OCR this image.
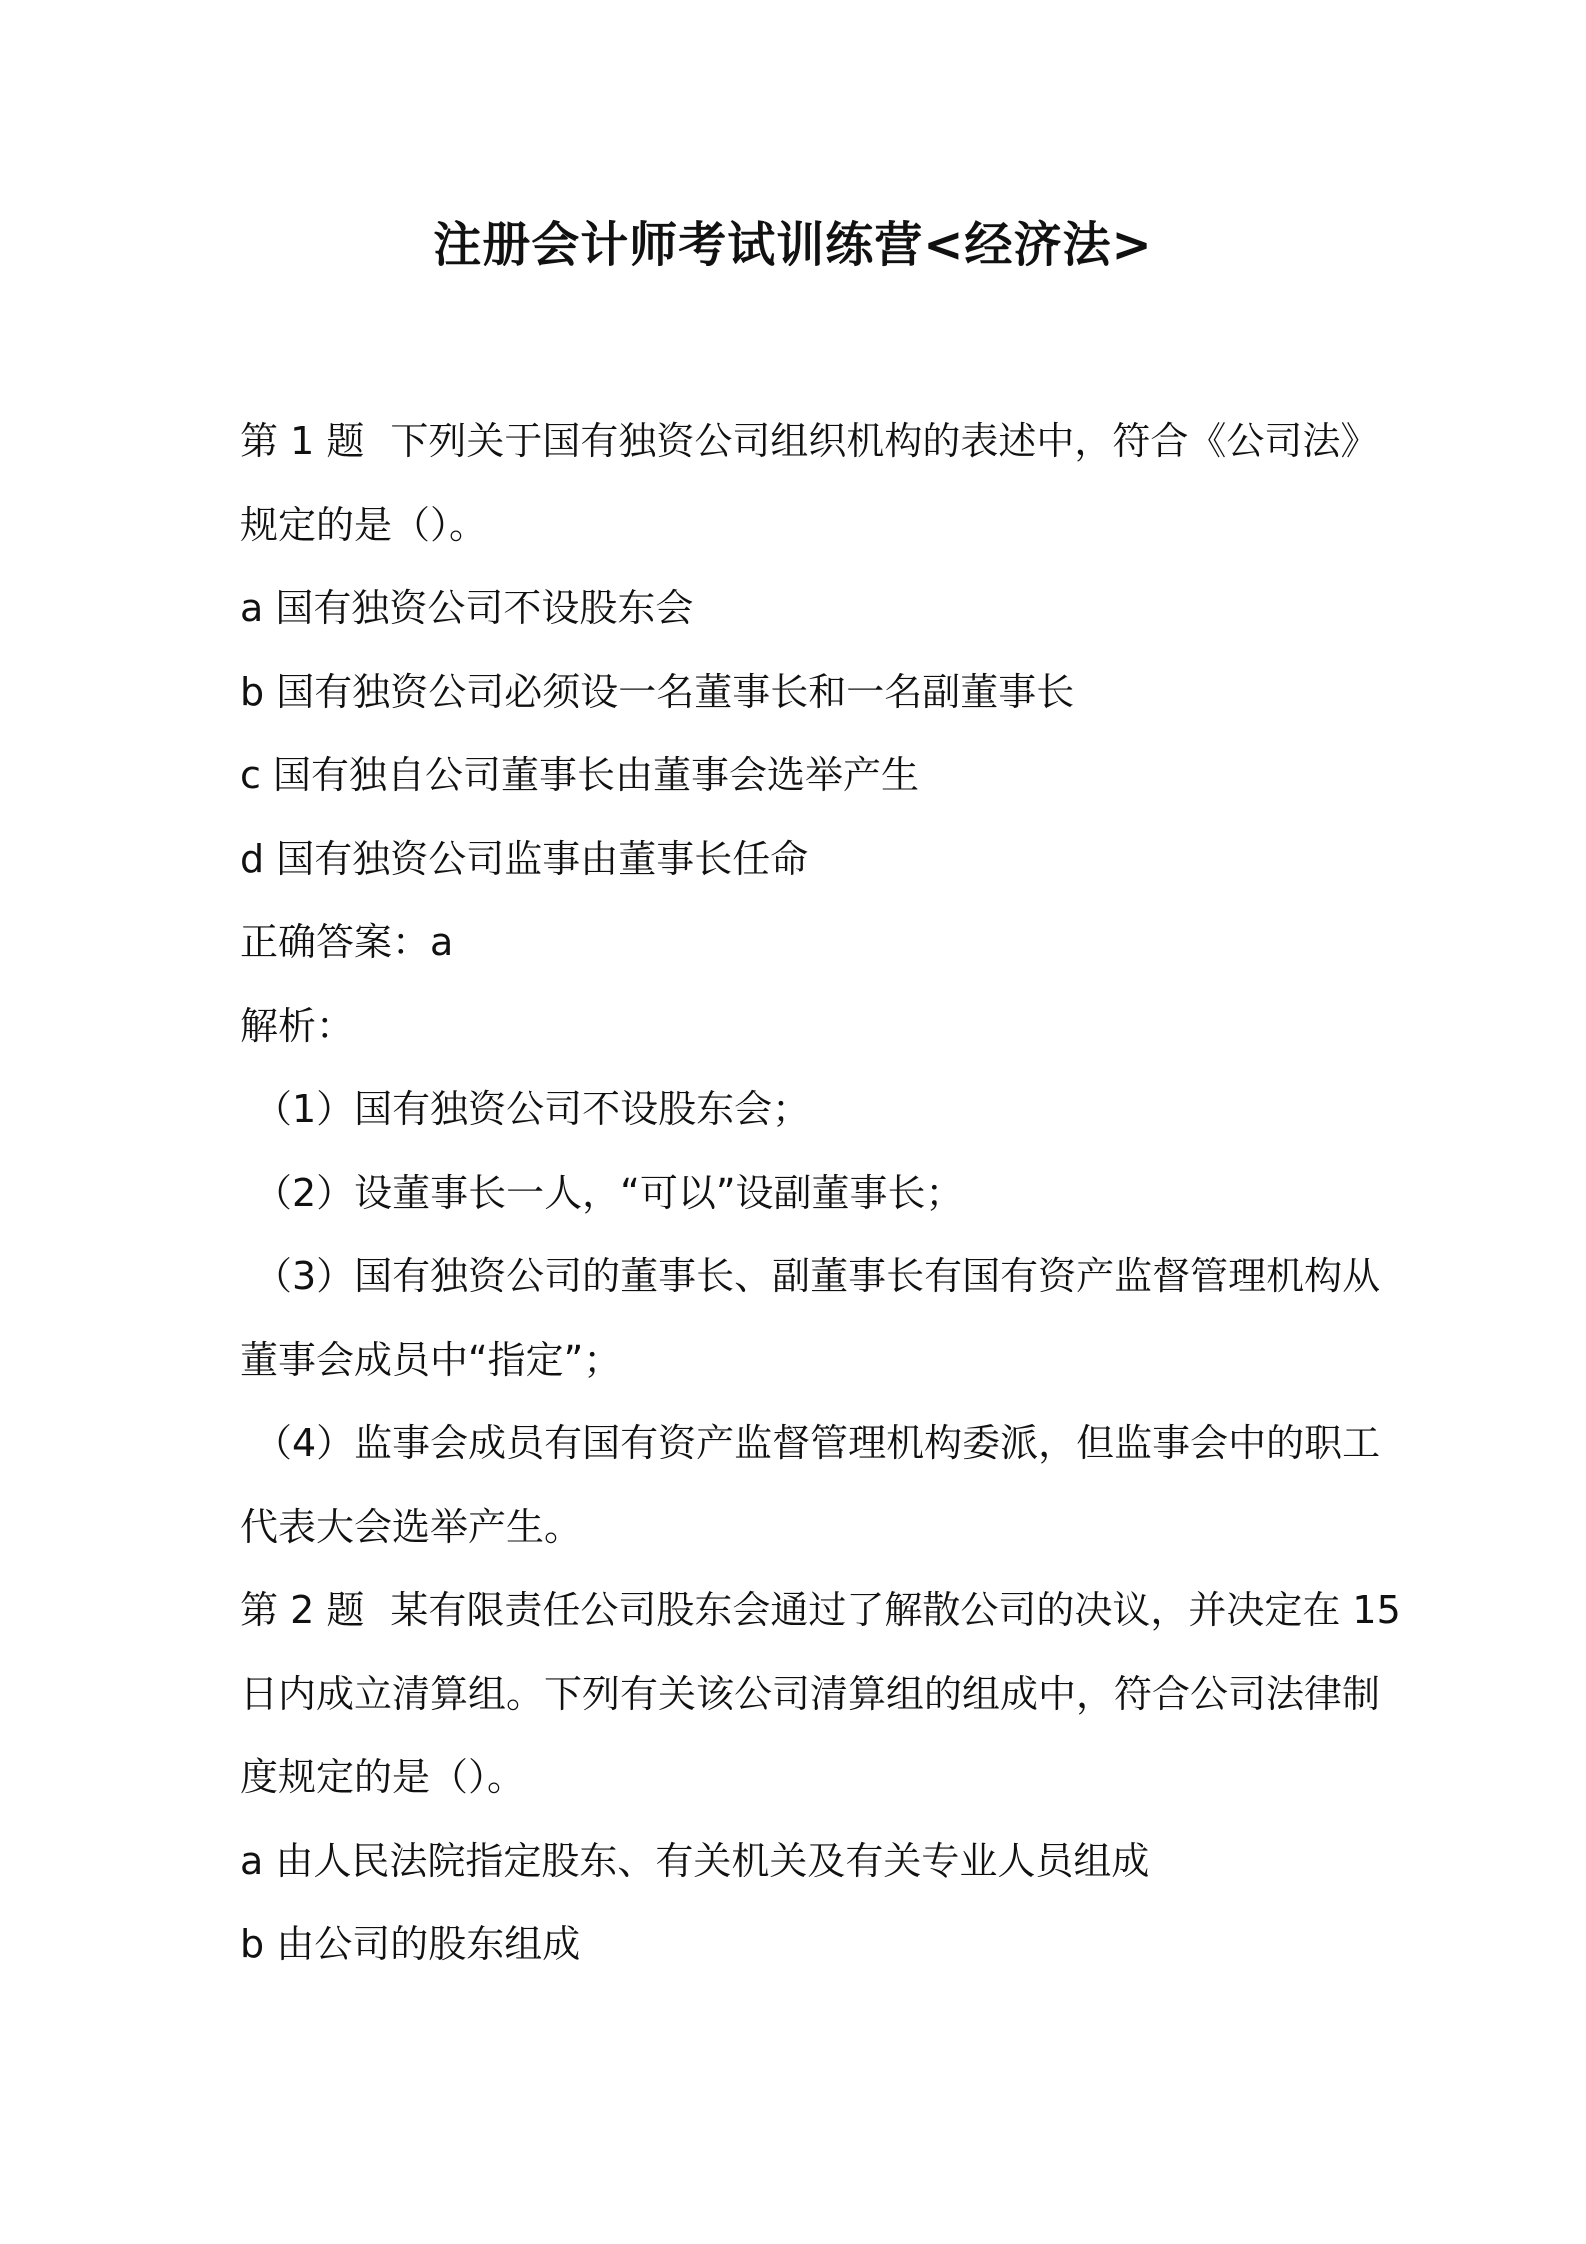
注册会计师考试训练营<经济法>

第 1 题 下列关于国有独资公司组织机构的表述中，符合《公司法》

规定的是（）。

a 国有独资公司不设股东会

b 国有独资公司必须设一名董事长和一名副董事长

c 国有独自公司董事长由董事会选举产生

d 国有独资公司监事由董事长任命

正确答案：a

解析：

（1）国有独资公司不设股东会；

（2）设董事长一人，“可以”设副董事长；

（3）国有独资公司的董事长、副董事长有国有资产监督管理机构从

董事会成员中“指定”；

（4）监事会成员有国有资产监督管理机构委派，但监事会中的职工

代表大会选举产生。

第 2 题 某有限责任公司股东会通过了解散公司的决议，并决定在 15

日内成立清算组。下列有关该公司清算组的组成中，符合公司法律制

度规定的是（）。

a 由人民法院指定股东、有关机关及有关专业人员组成

b 由公司的股东组成
